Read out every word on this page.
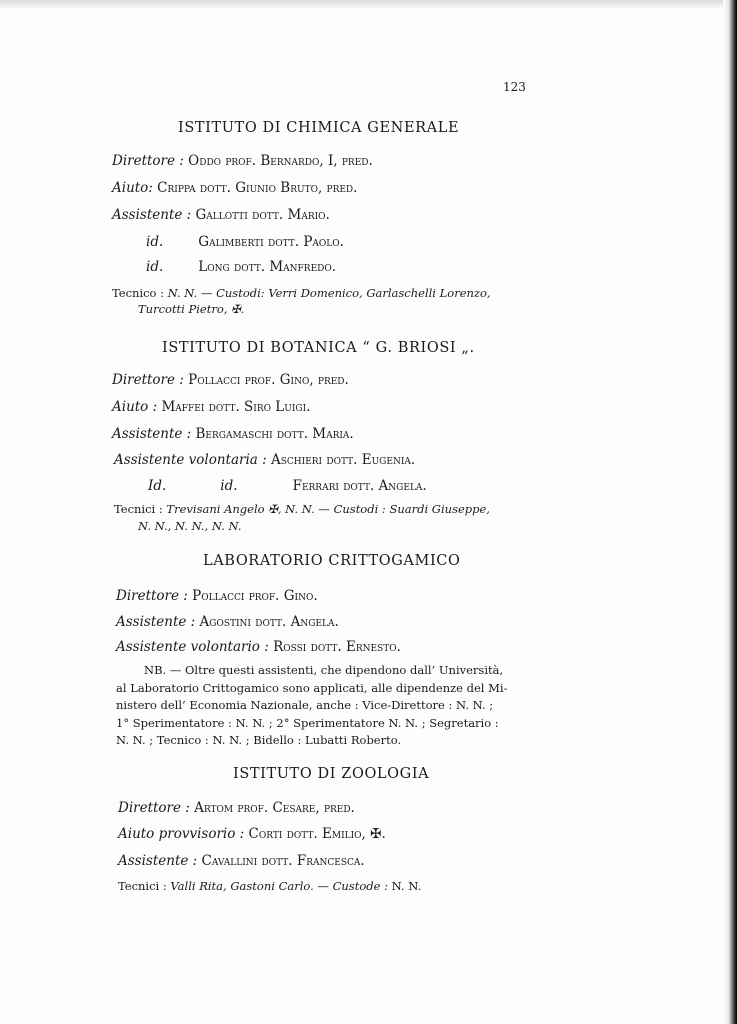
123
ISTITUTO DI CHIMICA GENERALE
Direttore : Oddo prof. Bernardo, I, pred.
Aiuto: Crippa dott. Giunio Bruto, pred.
Assistente : Gallotti dott. Mario.
id.	Galimberti dott. Paolo.
id.	Long dott. Manfredo.
Tecnico : N. N. — Custodi: Verri Domenico, Garlaschelli Lorenzo,
Turcotti Pietro, ✠.
ISTITUTO DI BOTANICA “ G. BRIOSI „.
Direttore : Pollacci prof. Gino, pred.
Aiuto : Maffei dott. Siro Luigi.
Assistente : Bergamaschi dott. Maria.
Assistente volontaria : Aschieri dott. Eugenia.
Id.	id.	Ferrari dott. Angela.
Tecnici : Trevisani Angelo ✠, N. N. — Custodi : Suardi Giuseppe,
N. N., N. N., N. N.
LABORATORIO CRITTOGAMICO
Direttore : Pollacci prof. Gino.
Assistente : Agostini dott. Angela.
Assistente volontario : Rossi dott. Ernesto.
NB. — Oltre questi assistenti, che dipendono dall’ Università,
al Laboratorio Crittogamico sono applicati, alle dipendenze del Mi-
nistero dell’ Economia Nazionale, anche : Vice-Direttore : N. N. ;
1° Sperimentatore : N. N. ; 2° Sperimentatore N. N. ; Segretario :
N. N. ; Tecnico : N. N. ; Bidello : Lubatti Roberto.
ISTITUTO DI ZOOLOGIA
Direttore : Artom prof. Cesare, pred.
Aiuto provvisorio : Corti dott. Emilio, ✠.
Assistente : Cavallini dott. Francesca.
Tecnici : Valli Rita, Gastoni Carlo. — Custode : N. N.
